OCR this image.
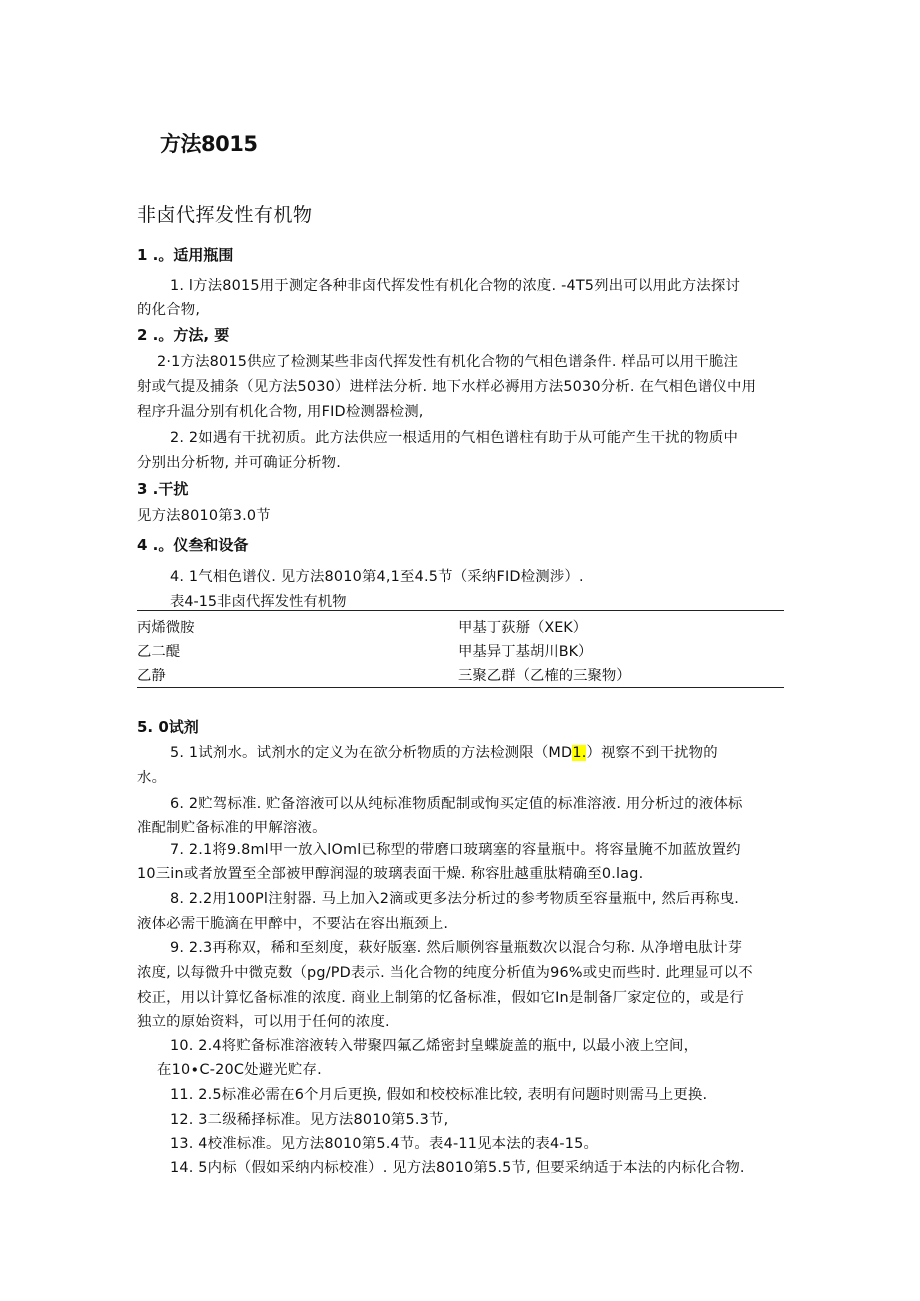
方法8015
非卤代挥发性有机物
1 .。适用瓶围
1. l方法8015用于测定各种非卤代挥发性有机化合物的浓度. -4T5列出可以用此方法探讨
的化合物,
2 .。方法, 要
2·1方法8015供应了检测某些非卤代挥发性有机化合物的气相色谱条件. 样品可以用干脆注
射或气提及捕条（见方法5030）进样法分析. 地下水样必褥用方法5030分析. 在气相色谱仪中用
程序升温分别有机化合物, 用FID检测器检测,
2. 2如遇有干扰初质。此方法供应一根适用的气相色谱柱有助于从可能产生干扰的物质中
分别出分析物, 并可确证分析物.
3 .干扰
见方法8010第3.0节
4 .。仪叁和设备
4. 1气相色谱仪. 见方法8010第4,1至4.5节（采纳FID检测涉）.
表4-15非卤代挥发性有机物
丙烯微胺	甲基丁荻掰（XEK）
乙二醍	甲基异丁基胡川BK）
乙静	三聚乙群（乙榷的三聚物）
5. 0试剂
5. 1试剂水。试剂水的定义为在欲分析物质的方法检测限（MD1.）视察不到干扰物的
水。
6. 2贮驾标准. 贮备溶液可以从纯标准物质配制或恂买定值的标准溶液. 用分析过的液体标
准配制贮备标准的甲解溶液。
7. 2.1将9.8ml甲一放入lOml已称型的带磨口玻璃塞的容量瓶中。将容量腌不加蓝放置约
10三in或者放置至全部被甲醇润湿的玻璃表面干燥. 称容肚越重肽精确至0.lag.
8. 2.2用100Pl注射器. 马上加入2滴或更多法分析过的参考物质至容量瓶中, 然后再称曳.
液体必需干脆滴在甲醉中，不要沾在容出瓶颈上.
9. 2.3再称双，稀和至刻度，萩好版塞. 然后顺例容量瓶数次以混合匀称. 从净增电肽计芽
浓度, 以每微升中微克数（pg/PD表示. 当化合物的纯度分析值为96%或史而些时. 此理显可以不
校正，用以计算忆备标准的浓度. 商业上制第的忆备标准，假如它In是制备厂家定位的，或是行
独立的原始资料，可以用于任何的浓度.
10. 2.4将贮备标准溶液转入带聚四氟乙烯密封皇蝶旋盖的瓶中, 以最小液上空间，
在10∙C-20C处避光贮存.
11. 2.5标准必需在6个月后更换, 假如和校校标准比较, 表明有问题时则需马上更换.
12. 3二级稀择标准。见方法8010第5.3节,
13. 4校准标准。见方法8010第5.4节。表4-11见本法的表4-15。
14. 5内标（假如采纳内标校准）. 见方法8010第5.5节, 但要采纳适于本法的内标化合物.
